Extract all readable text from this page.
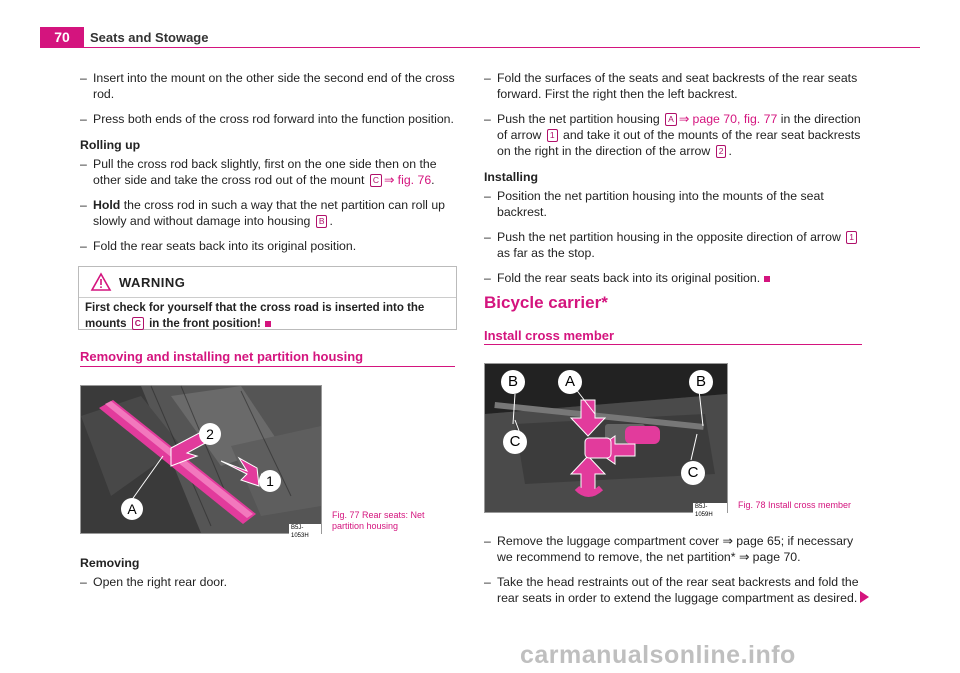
70	Seats and Stowage

– Insert into the mount on the other side the second end of the cross rod.

– Press both ends of the cross rod forward into the function position.

Rolling up

– Pull the cross rod back slightly, first on the one side then on the other side and take the cross rod out of the mount C ⇒ fig. 76.

– Hold the cross rod in such a way that the net partition can roll up slowly and without damage into housing B .

– Fold the rear seats back into its original position.

WARNING
First check for yourself that the cross road is inserted into the mounts C in the front position!
Removing and installing net partition housing
2
1
A
B5J-1053H
Fig. 77 Rear seats: Net partition housing

Removing

– Open the right rear door.

– Fold the surfaces of the seats and seat backrests of the rear seats forward. First the right then the left backrest.

– Push the net partition housing A ⇒ page 70, fig. 77 in the direction of arrow 1 and take it out of the mounts of the rear seat backrests on the right in the direction of the arrow 2 .

Installing

– Position the net partition housing into the mounts of the seat backrest.

– Push the net partition housing in the opposite direction of arrow 1 as far as the stop.

– Fold the rear seats back into its original position.

Bicycle carrier*
Install cross member
B	A	B
C
C
B5J-1059H
Fig. 78 Install cross member

– Remove the luggage compartment cover ⇒ page 65; if necessary we recommend to remove, the net partition* ⇒ page 70.

– Take the head restraints out of the rear seat backrests and fold the rear seats in order to extend the luggage compartment as desired.

carmanualsonline.info
